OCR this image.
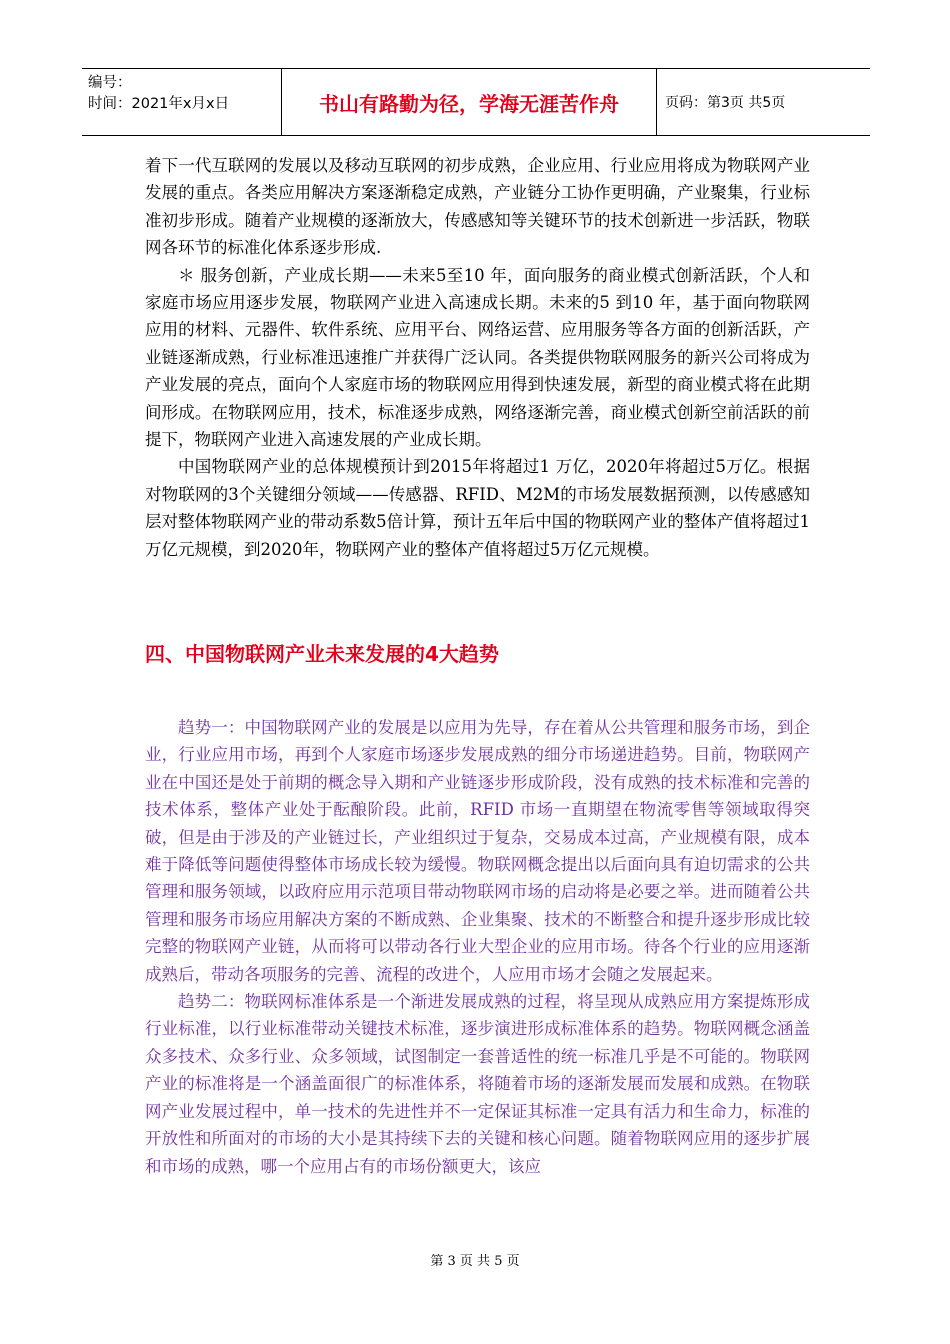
编号：
时间：2021年x月x日	书山有路勤为径，学海无涯苦作舟	页码：第3页 共5页

着下一代互联网的发展以及移动互联网的初步成熟，企业应用、行业应用将成为物联网产业发展的重点。各类应用解决方案逐渐稳定成熟，产业链分工协作更明确，产业聚集，行业标准初步形成。随着产业规模的逐渐放大，传感感知等关键环节的技术创新进一步活跃，物联网各环节的标准化体系逐步形成.

＊ 服务创新，产业成长期——未来5至10 年，面向服务的商业模式创新活跃，个人和家庭市场应用逐步发展，物联网产业进入高速成长期。未来的5 到10 年，基于面向物联网应用的材料、元器件、软件系统、应用平台、网络运营、应用服务等各方面的创新活跃，产业链逐渐成熟，行业标准迅速推广并获得广泛认同。各类提供物联网服务的新兴公司将成为产业发展的亮点，面向个人家庭市场的物联网应用得到快速发展，新型的商业模式将在此期间形成。在物联网应用，技术，标准逐步成熟，网络逐渐完善，商业模式创新空前活跃的前提下，物联网产业进入高速发展的产业成长期。

中国物联网产业的总体规模预计到2015年将超过1 万亿，2020年将超过5万亿。根据对物联网的3个关键细分领域——传感器、RFID、M2M的市场发展数据预测，以传感感知层对整体物联网产业的带动系数5倍计算，预计五年后中国的物联网产业的整体产值将超过1 万亿元规模，到2020年，物联网产业的整体产值将超过5万亿元规模。

四、中国物联网产业未来发展的4大趋势

趋势一：中国物联网产业的发展是以应用为先导，存在着从公共管理和服务市场，到企业，行业应用市场，再到个人家庭市场逐步发展成熟的细分市场递进趋势。目前，物联网产业在中国还是处于前期的概念导入期和产业链逐步形成阶段，没有成熟的技术标准和完善的技术体系，整体产业处于酝酿阶段。此前，RFID 市场一直期望在物流零售等领域取得突破，但是由于涉及的产业链过长，产业组织过于复杂，交易成本过高，产业规模有限，成本难于降低等问题使得整体市场成长较为缓慢。物联网概念提出以后面向具有迫切需求的公共管理和服务领域，以政府应用示范项目带动物联网市场的启动将是必要之举。进而随着公共管理和服务市场应用解决方案的不断成熟、企业集聚、技术的不断整合和提升逐步形成比较完整的物联网产业链，从而将可以带动各行业大型企业的应用市场。待各个行业的应用逐渐成熟后，带动各项服务的完善、流程的改进个，人应用市场才会随之发展起来。

趋势二：物联网标准体系是一个渐进发展成熟的过程，将呈现从成熟应用方案提炼形成行业标准，以行业标准带动关键技术标准，逐步演进形成标准体系的趋势。物联网概念涵盖众多技术、众多行业、众多领域，试图制定一套普适性的统一标准几乎是不可能的。物联网产业的标准将是一个涵盖面很广的标准体系，将随着市场的逐渐发展而发展和成熟。在物联网产业发展过程中，单一技术的先进性并不一定保证其标准一定具有活力和生命力，标准的开放性和所面对的市场的大小是其持续下去的关键和核心问题。随着物联网应用的逐步扩展和市场的成熟，哪一个应用占有的市场份额更大，该应

第 3 页 共 5 页
